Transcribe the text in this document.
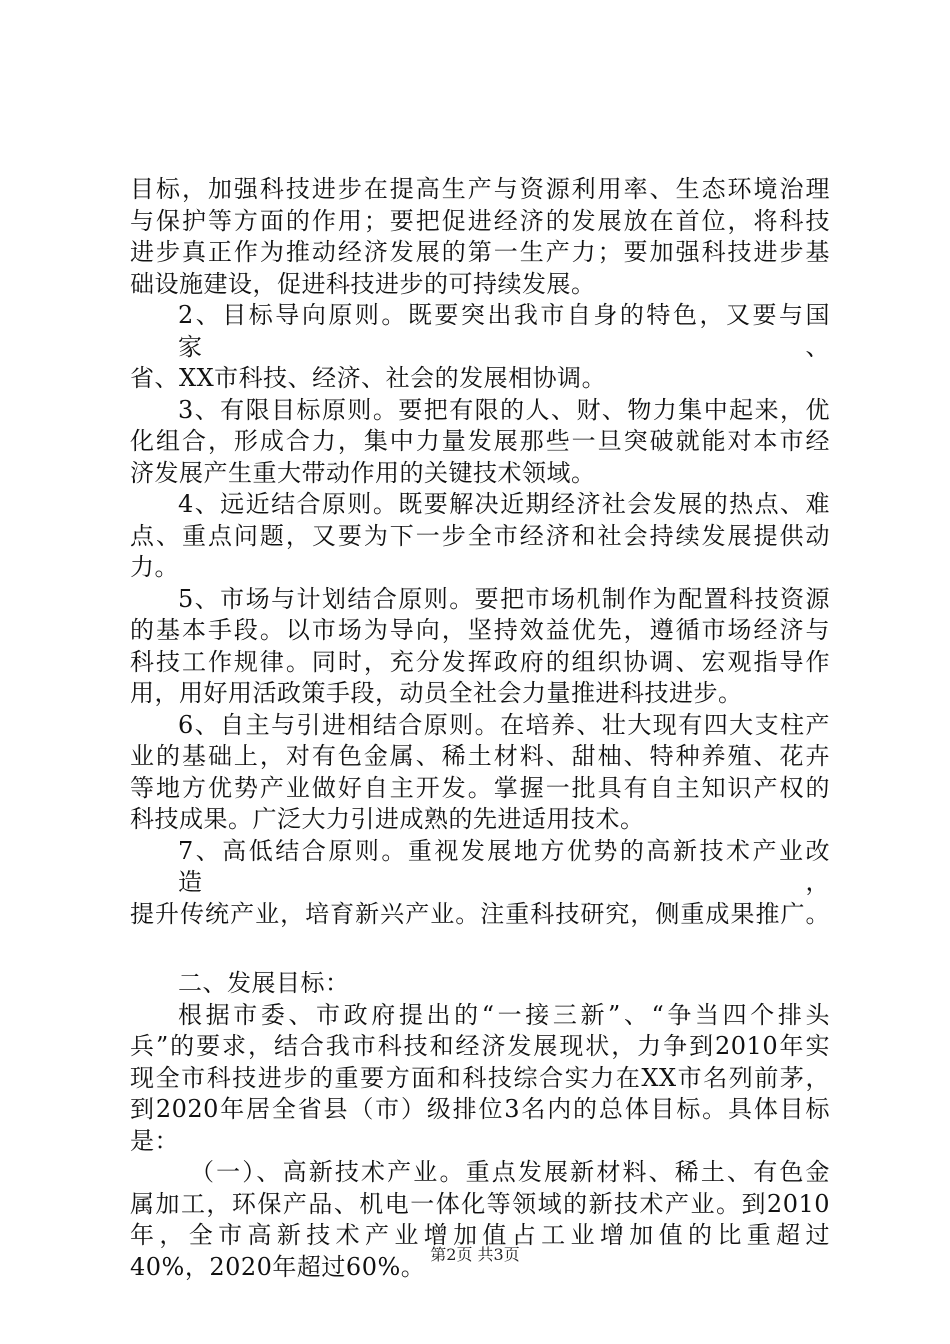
目标，加强科技进步在提高生产与资源利用率、生态环境治理
与保护等方面的作用；要把促进经济的发展放在首位，将科技
进步真正作为推动经济发展的第一生产力；要加强科技进步基
础设施建设，促进科技进步的可持续发展。
2、目标导向原则。既要突出我市自身的特色，又要与国家、
省、XX市科技、经济、社会的发展相协调。
3、有限目标原则。要把有限的人、财、物力集中起来，优
化组合，形成合力，集中力量发展那些一旦突破就能对本市经
济发展产生重大带动作用的关键技术领域。
4、远近结合原则。既要解决近期经济社会发展的热点、难
点、重点问题，又要为下一步全市经济和社会持续发展提供动
力。
5、市场与计划结合原则。要把市场机制作为配置科技资源
的基本手段。以市场为导向，坚持效益优先，遵循市场经济与
科技工作规律。同时，充分发挥政府的组织协调、宏观指导作
用，用好用活政策手段，动员全社会力量推进科技进步。
6、自主与引进相结合原则。在培养、壮大现有四大支柱产
业的基础上，对有色金属、稀土材料、甜柚、特种养殖、花卉
等地方优势产业做好自主开发。掌握一批具有自主知识产权的
科技成果。广泛大力引进成熟的先进适用技术。
7、高低结合原则。重视发展地方优势的高新技术产业改造，
提升传统产业，培育新兴产业。注重科技研究，侧重成果推广。
二、发展目标：
根据市委、市政府提出的“一接三新”、“争当四个排头
兵”的要求，结合我市科技和经济发展现状，力争到2010年实
现全市科技进步的重要方面和科技综合实力在XX市名列前茅，
到2020年居全省县（市）级排位3名内的总体目标。具体目标
是：
（一）、高新技术产业。重点发展新材料、稀土、有色金
属加工，环保产品、机电一体化等领域的新技术产业。到2010
年，全市高新技术产业增加值占工业增加值的比重超过
40%，2020年超过60%。 第2页 共3页
